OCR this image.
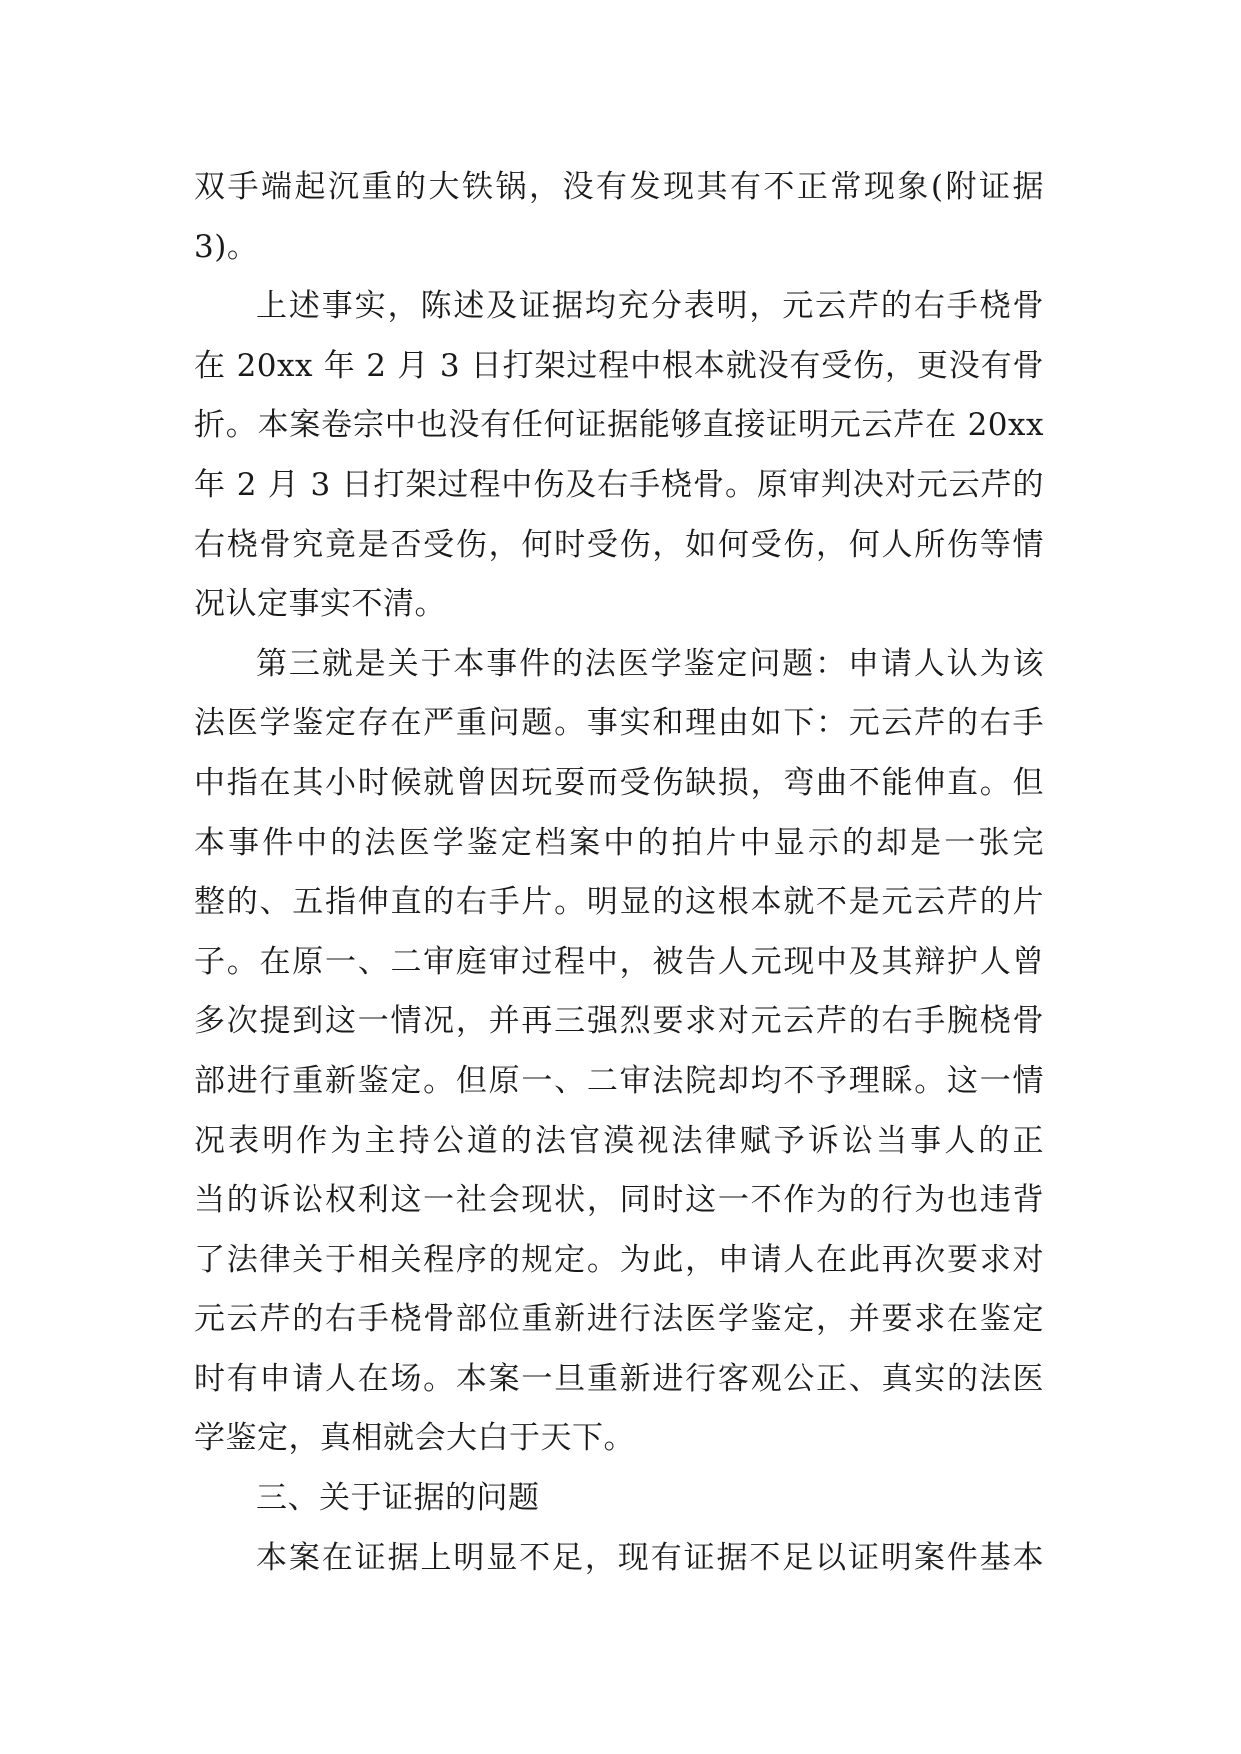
双手端起沉重的大铁锅，没有发现其有不正常现象(附证据
3)。
上述事实，陈述及证据均充分表明，元云芹的右手桡骨
在 20xx 年 2 月 3 日打架过程中根本就没有受伤，更没有骨
折。本案卷宗中也没有任何证据能够直接证明元云芹在 20xx
年 2 月 3 日打架过程中伤及右手桡骨。原审判决对元云芹的
右桡骨究竟是否受伤，何时受伤，如何受伤，何人所伤等情
况认定事实不清。
第三就是关于本事件的法医学鉴定问题：申请人认为该
法医学鉴定存在严重问题。事实和理由如下：元云芹的右手
中指在其小时候就曾因玩耍而受伤缺损，弯曲不能伸直。但
本事件中的法医学鉴定档案中的拍片中显示的却是一张完
整的、五指伸直的右手片。明显的这根本就不是元云芹的片
子。在原一、二审庭审过程中，被告人元现中及其辩护人曾
多次提到这一情况，并再三强烈要求对元云芹的右手腕桡骨
部进行重新鉴定。但原一、二审法院却均不予理睬。这一情
况表明作为主持公道的法官漠视法律赋予诉讼当事人的正
当的诉讼权利这一社会现状，同时这一不作为的行为也违背
了法律关于相关程序的规定。为此，申请人在此再次要求对
元云芹的右手桡骨部位重新进行法医学鉴定，并要求在鉴定
时有申请人在场。本案一旦重新进行客观公正、真实的法医
学鉴定，真相就会大白于天下。
三、关于证据的问题
本案在证据上明显不足，现有证据不足以证明案件基本
